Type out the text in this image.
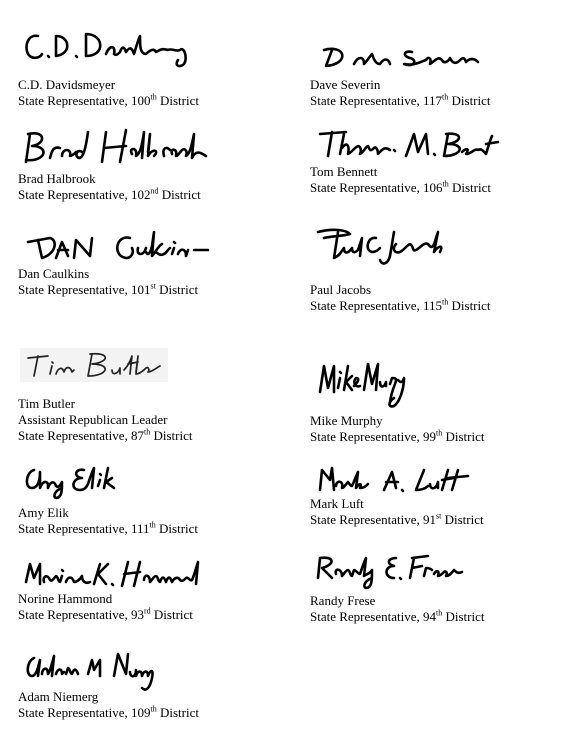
C.D. Davidsmeyer
State Representative, 100th District
Dave Severin
State Representative, 117th District
Brad Halbrook
State Representative, 102nd District
Tom Bennett
State Representative, 106th District
Dan Caulkins
State Representative, 101st District	Paul Jacobs
State Representative, 115th District
Tim Butler
Assistant Republican Leader
State Representative, 87th District
Mike Murphy
State Representative, 99th District
Amy Elik
State Representative, 111th District
Mark Luft
State Representative, 91st District
Norine Hammond
State Representative, 93rd District
Randy Frese
State Representative, 94th District
Adam Niemerg
State Representative, 109th District
